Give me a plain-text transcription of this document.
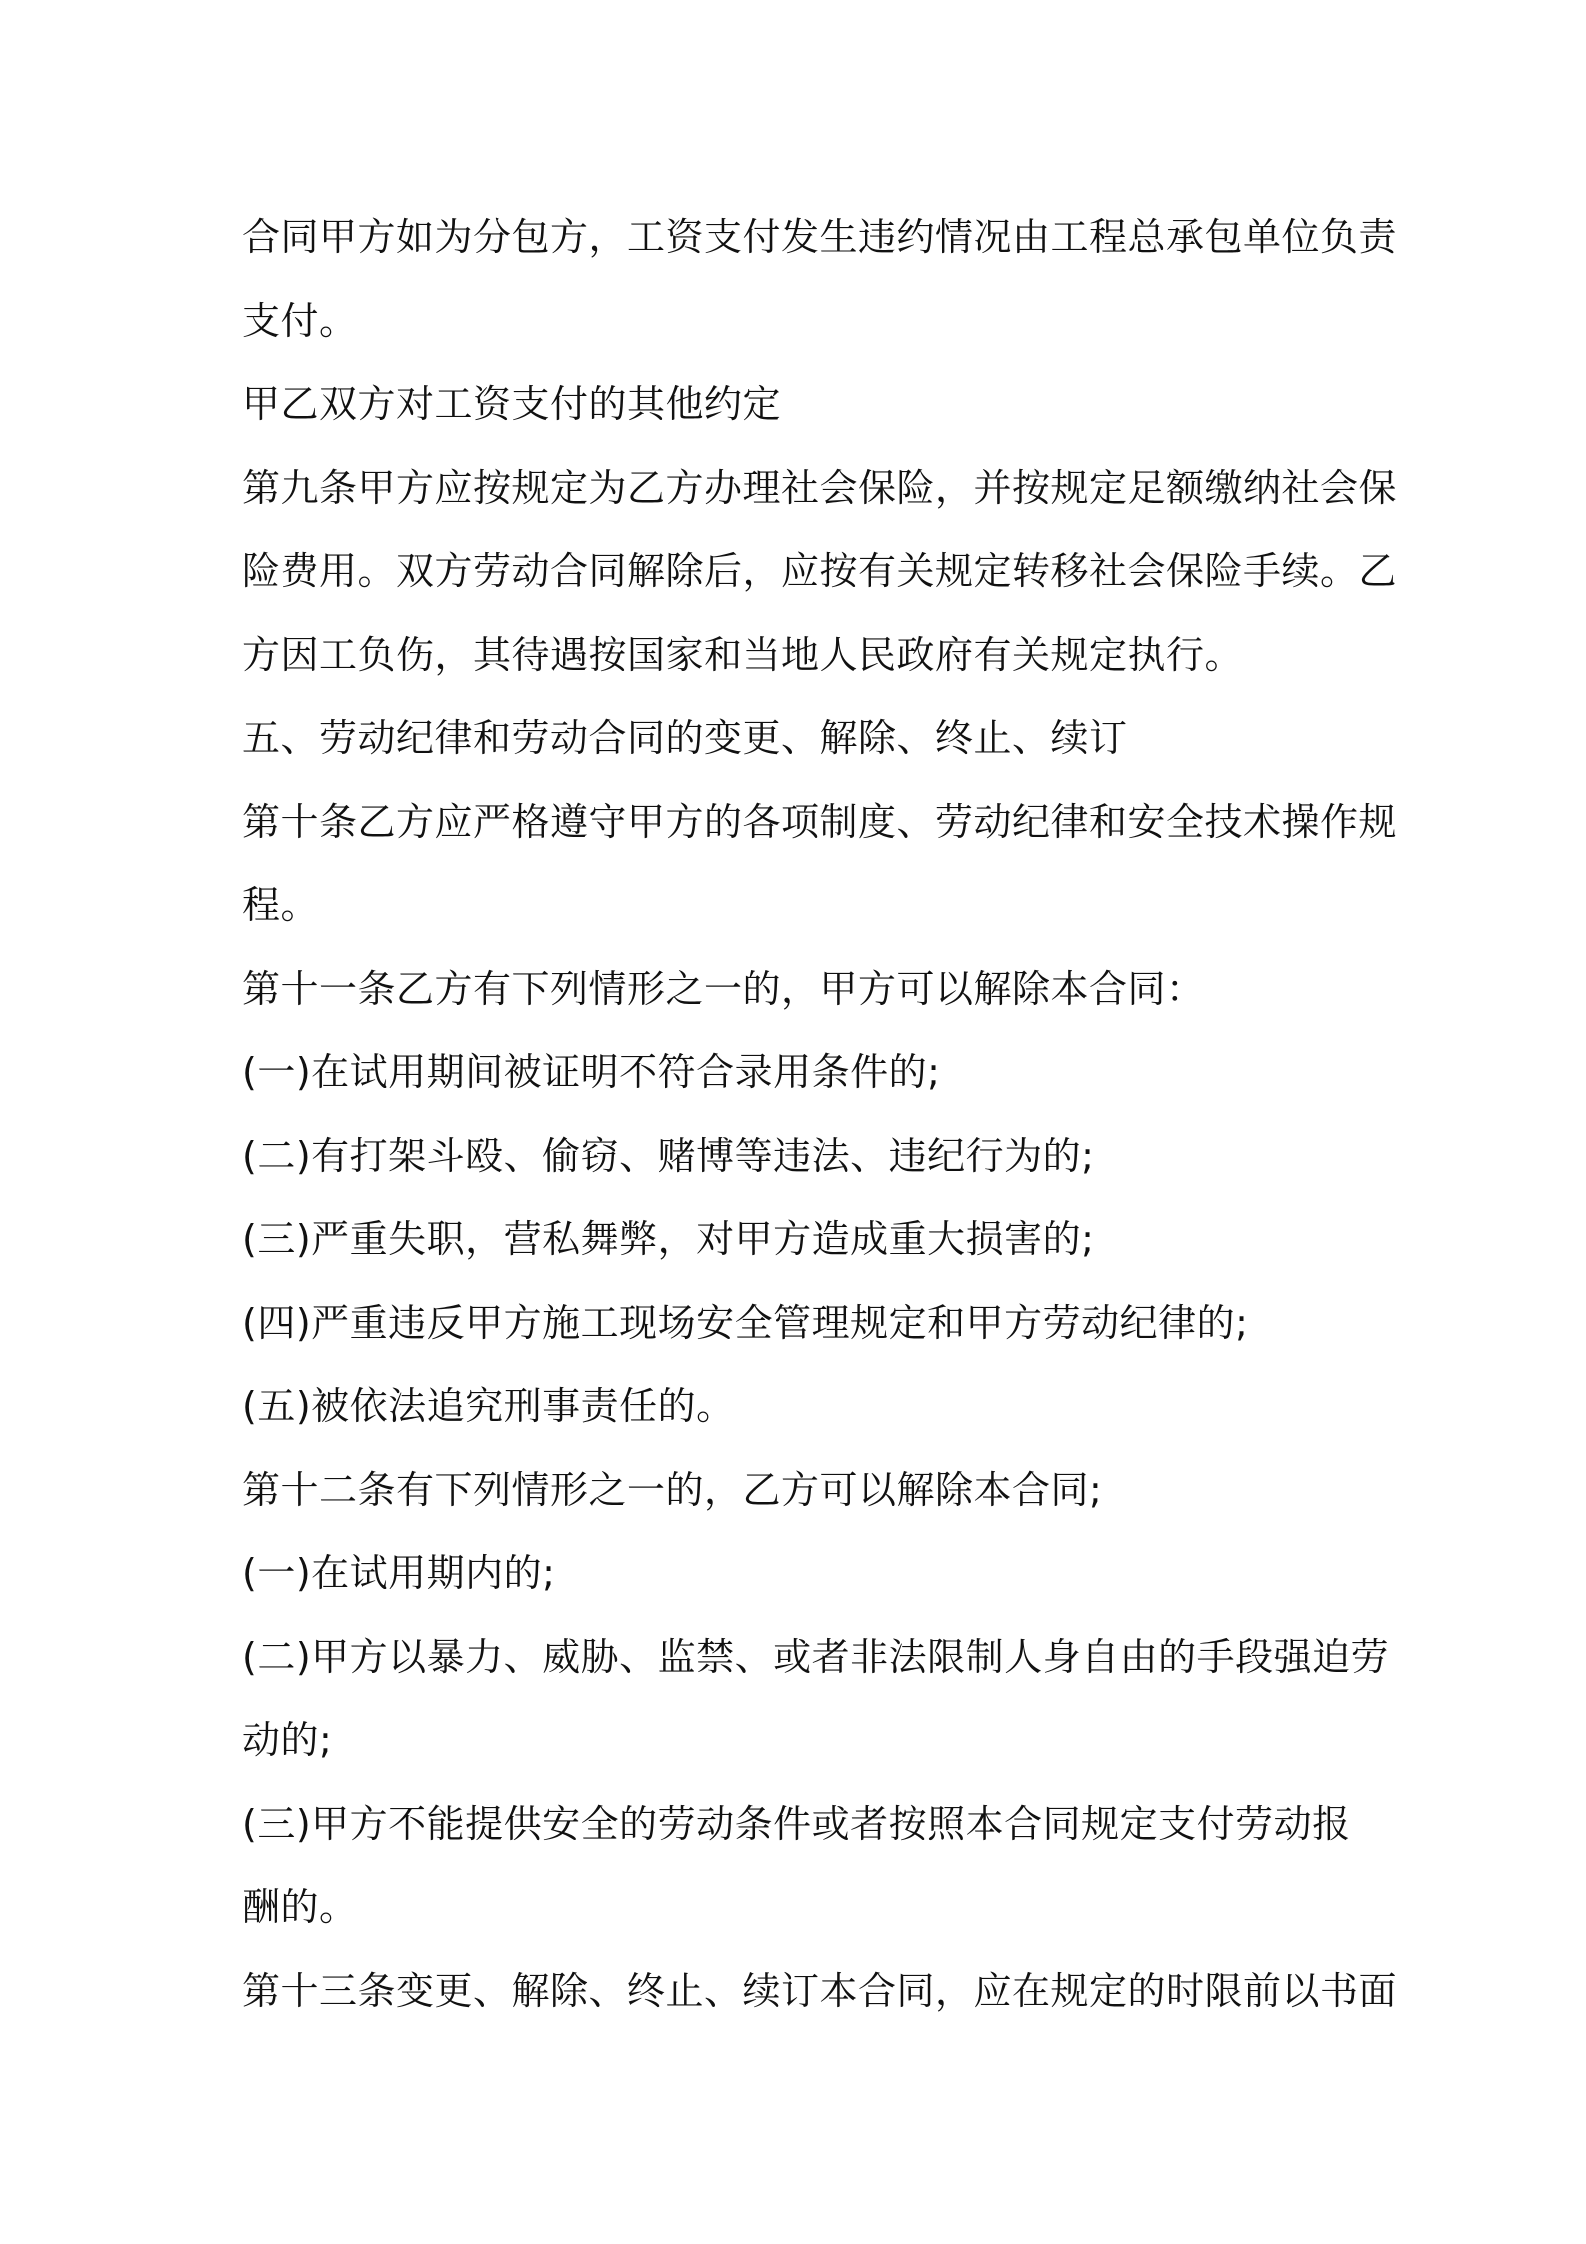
合同甲方如为分包方，工资支付发生违约情况由工程总承包单位负责
支付。
甲乙双方对工资支付的其他约定
第九条甲方应按规定为乙方办理社会保险，并按规定足额缴纳社会保
险费用。双方劳动合同解除后，应按有关规定转移社会保险手续。乙
方因工负伤，其待遇按国家和当地人民政府有关规定执行。
五、劳动纪律和劳动合同的变更、解除、终止、续订
第十条乙方应严格遵守甲方的各项制度、劳动纪律和安全技术操作规
程。
第十一条乙方有下列情形之一的，甲方可以解除本合同：
(一)在试用期间被证明不符合录用条件的;
(二)有打架斗殴、偷窃、赌博等违法、违纪行为的;
(三)严重失职，营私舞弊，对甲方造成重大损害的;
(四)严重违反甲方施工现场安全管理规定和甲方劳动纪律的;
(五)被依法追究刑事责任的。
第十二条有下列情形之一的，乙方可以解除本合同;
(一)在试用期内的;
(二)甲方以暴力、威胁、监禁、或者非法限制人身自由的手段强迫劳
动的;
(三)甲方不能提供安全的劳动条件或者按照本合同规定支付劳动报
酬的。
第十三条变更、解除、终止、续订本合同，应在规定的时限前以书面
